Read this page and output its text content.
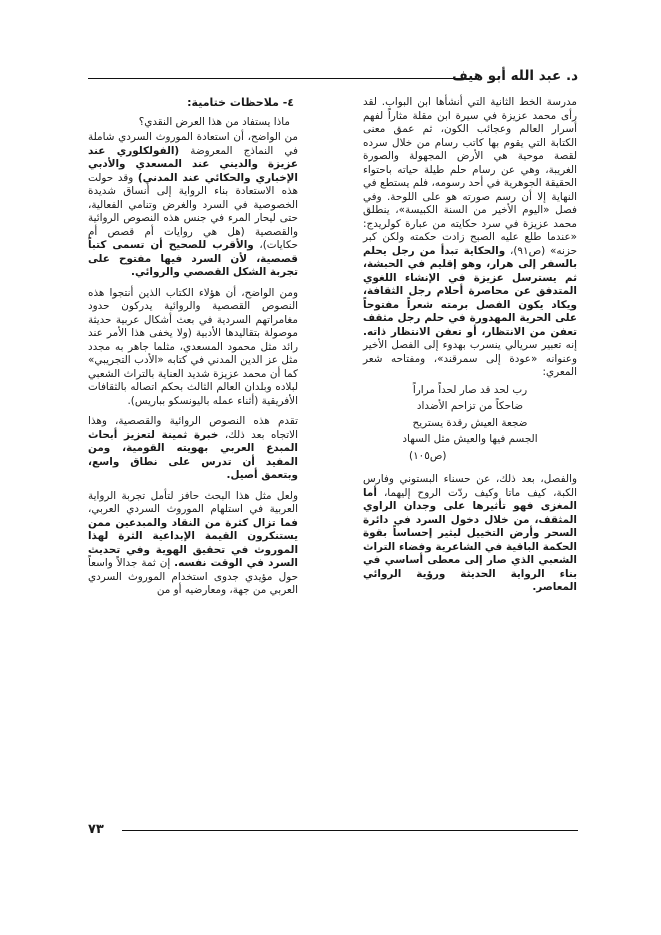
د. عبد الله أبو هيف

مدرسة الخط الثانية التي أنشأها ابن البواب. لقد رأى محمد عزيزة في سيرة ابن مقلة مثاراً لفهم أسرار العالم وعجائب الكون، ثم عمق معنى الكتابة التي يقوم بها كاتب رسام من خلال سرده لقصة موحية هي الأرض المجهولة والصورة الغريبة، وهي عن رسام حلم طيلة حياته باحتواء الحقيقة الجوهرية في أحد رسومه، فلم يستطع في النهاية إلا أن رسم صورته هو على اللوحة. وفي فصل «اليوم الأخير من السنة الكبيسة»، ينطلق محمد عزيزة في سرد حكايته من عبارة كولريدج: «عندما طلع عليه الصبح زادت حكمته ولكن كبر حزنه» (ص٩١)، والحكاية تبدأ من رجل يحلم بالسفر إلى هرار، وهو إقليم في الحبشة، ثم يسترسل عزيزة في الإنشاء اللغوي المتدفق عن محاصرة أحلام رجل الثقافة، ويكاد يكون الفصل برمته شعراً مفتوحاً على الحرية المهدورة في حلم رجل مثقف تعفن من الانتظار، أو تعفن الانتظار ذاته. إنه تعبير سريالي ينسرب بهدوء إلى الفصل الأخير وعنوانه «عودة إلى سمرقند»، ومفتاحه شعر المعري:

رب لحد قد صار لحداً مراراً
ضاحكاً من تزاحم الأضداد
ضجعة العيش رقدة يستريح
الجسم فيها والعيش مثل السهاد
(ص١٠٥)

والفصل، بعد ذلك، عن حسناء البستوني وفارس الكبة، كيف ماتا وكيف ردّت الروح إليهما، أما المغزى فهو تأثيرها على وجدان الراوي المثقف، من خلال دخول السرد في دائرة السحر وأرض التخييل ليثير إحساساً بقوة الحكمة الباقية في الشاعرية وفضاء التراث الشعبي الذي صار إلى معطى أساسي في بناء الرواية الحديثة ورؤية الروائي المعاصر.

٤- ملاحظات ختامية:
ماذا يستفاد من هذا العرض النقدي؟

من الواضح، أن استعادة الموروث السردي شاملة في النماذج المعروضة (الفولكلوري عند عزيزة والديني عند المسعدي والأدبي الإخباري والحكائي عند المدني) وقد حولت هذه الاستعادة بناء الرواية إلى أنساق شديدة الخصوصية في السرد والغرض وتنامي الفعالية، حتى ليحار المرء في جنس هذه النصوص الروائية والقصصية (هل هي روايات أم قصص أم حكايات)، والأقرب للصحيح أن تسمى كتباً قصصية، لأن السرد فيها مفتوح على تجربة الشكل القصصي والروائي.

ومن الواضح، أن هؤلاء الكتاب الذين أنتجوا هذه النصوص القصصية والروائية يدركون حدود مغامراتهم السردية في بعث أشكال عربية حديثة موصولة بتقاليدها الأدبية (ولا يخفى هذا الأمر عند رائد مثل محمود المسعدي، مثلما جاهر به مجدد مثل عز الدين المدني في كتابه «الأدب التجريبي» كما أن محمد عزيزة شديد العناية بالتراث الشعبي لبلاده وبلدان العالم الثالث بحكم اتصاله بالثقافات الأفريقية (أثناء عمله باليونسكو بباريس).

تقدم هذه النصوص الروائية والقصصية، وهذا الاتجاه بعد ذلك، خبرة ثمينة لتعزيز أبحاث المبدع العربي بهويته القومية، ومن المفيد أن تدرس على نطاق واسع، وبتعمق أصيل.

ولعل مثل هذا البحث حافز لتأمل تجربة الرواية العربية في استلهام الموروث السردي العربي، فما تزال كثرة من النقاد والمبدعين ممن يستنكرون القيمة الإبداعية الثرة لهذا الموروث في تحقيق الهوية وفي تحديث السرد في الوقت نفسه. إن ثمة جدالاً واسعاً حول مؤيدي جدوى استخدام الموروث السردي العربي من جهة، ومعارضيه أو من

٧٣
